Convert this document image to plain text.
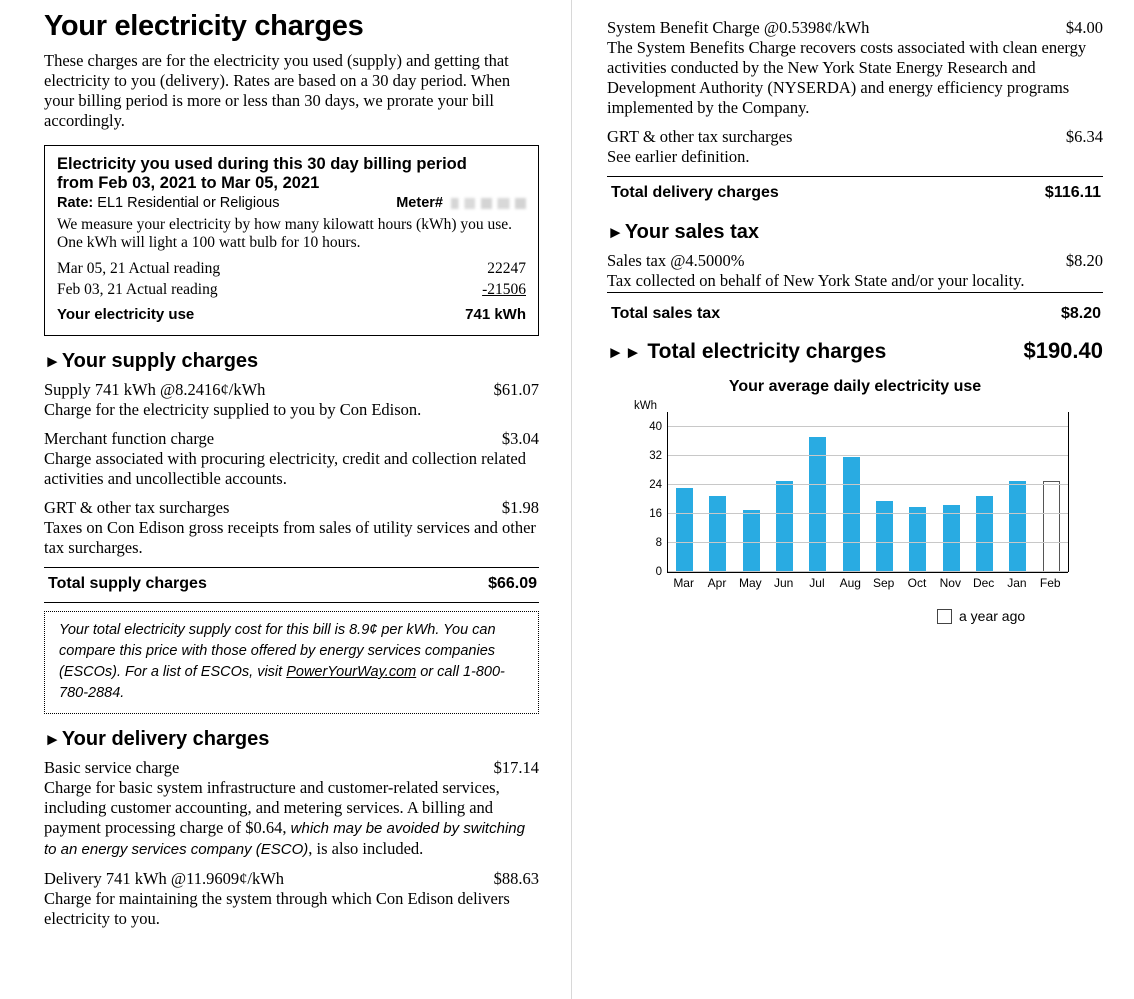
Your electricity charges

These charges are for the electricity you used (supply) and getting that electricity to you (delivery). Rates are based on a 30 day period. When your billing period is more or less than 30 days, we prorate your bill accordingly.

Electricity you used during this 30 day billing period
from Feb 03, 2021 to Mar 05, 2021
Rate: EL1 Residential or Religious	Meter#
We measure your electricity by how many kilowatt hours (kWh) you use. One kWh will light a 100 watt bulb for 10 hours.
Mar 05, 21 Actual reading	22247
Feb 03, 21 Actual reading	-21506
Your electricity use	741 kWh
► Your supply charges
Supply 741 kWh @8.2416¢/kWh	$61.07
Charge for the electricity supplied to you by Con Edison.
Merchant function charge	$3.04
Charge associated with procuring electricity, credit and collection related activities and uncollectible accounts.
GRT & other tax surcharges	$1.98
Taxes on Con Edison gross receipts from sales of utility services and other tax surcharges.
Total supply charges	$66.09
Your total electricity supply cost for this bill is 8.9¢ per kWh. You can compare this price with those offered by energy services companies (ESCOs). For a list of ESCOs, visit PowerYourWay.com or call 1-800-780-2884.
► Your delivery charges
Basic service charge	$17.14
Charge for basic system infrastructure and customer-related services, including customer accounting, and metering services. A billing and payment processing charge of $0.64, which may be avoided by switching to an energy services company (ESCO), is also included.
Delivery 741 kWh @11.9609¢/kWh	$88.63
Charge for maintaining the system through which Con Edison delivers electricity to you.
System Benefit Charge @0.5398¢/kWh	$4.00
The System Benefits Charge recovers costs associated with clean energy activities conducted by the New York State Energy Research and Development Authority (NYSERDA) and energy efficiency programs implemented by the Company.
GRT & other tax surcharges	$6.34
See earlier definition.
Total delivery charges	$116.11
► Your sales tax
Sales tax @4.5000%	$8.20
Tax collected on behalf of New York State and/or your locality.
Total sales tax	$8.20
► ► Total electricity charges	$190.40
Your average daily electricity use
kWh
0
8
16
24
32
40
Mar	Apr	May	Jun	Jul	Aug Sep	Oct	Nov Dec	Jan	Feb
a year ago
